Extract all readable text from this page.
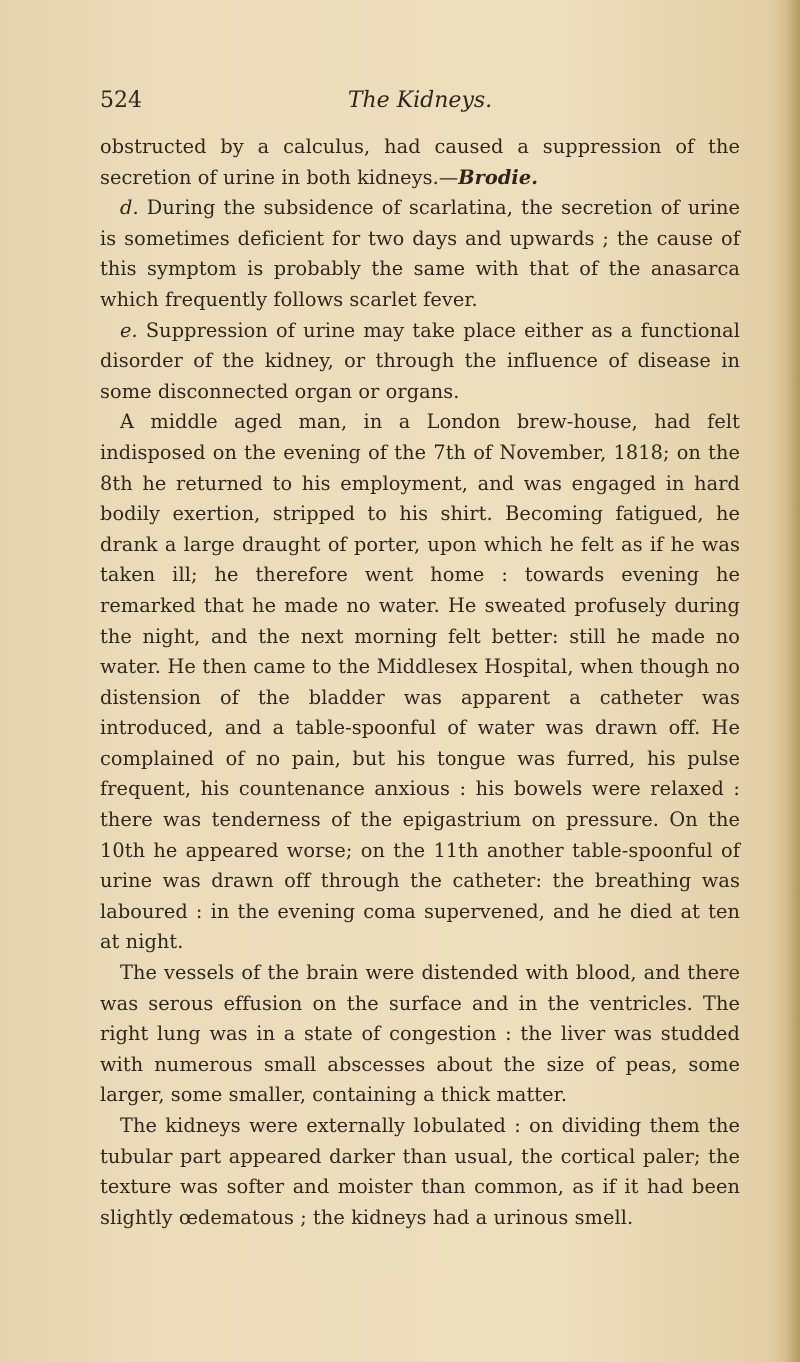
524	The Kidneys.

obstructed by a calculus, had caused a suppression of the secretion of urine in both kidneys.—Brodie.

d. During the subsidence of scarlatina, the secretion of urine is sometimes deficient for two days and upwards ; the cause of this symptom is probably the same with that of the anasarca which frequently follows scarlet fever.

e. Suppression of urine may take place either as a functional disorder of the kidney, or through the influence of disease in some disconnected organ or organs.

A middle aged man, in a London brew-house, had felt indisposed on the evening of the 7th of November, 1818; on the 8th he returned to his employment, and was engaged in hard bodily exertion, stripped to his shirt. Becoming fatigued, he drank a large draught of porter, upon which he felt as if he was taken ill; he therefore went home : towards evening he remarked that he made no water. He sweated profusely during the night, and the next morning felt better: still he made no water. He then came to the Middlesex Hospital, when though no distension of the bladder was apparent a catheter was introduced, and a table-spoonful of water was drawn off. He complained of no pain, but his tongue was furred, his pulse frequent, his countenance anxious : his bowels were relaxed : there was tenderness of the epigastrium on pressure. On the 10th he appeared worse; on the 11th another table-spoonful of urine was drawn off through the catheter: the breathing was laboured : in the evening coma supervened, and he died at ten at night.

The vessels of the brain were distended with blood, and there was serous effusion on the surface and in the ventricles. The right lung was in a state of congestion : the liver was studded with numerous small abscesses about the size of peas, some larger, some smaller, containing a thick matter.

The kidneys were externally lobulated : on dividing them the tubular part appeared darker than usual, the cortical paler; the texture was softer and moister than common, as if it had been slightly œdematous ; the kidneys had a urinous smell.
